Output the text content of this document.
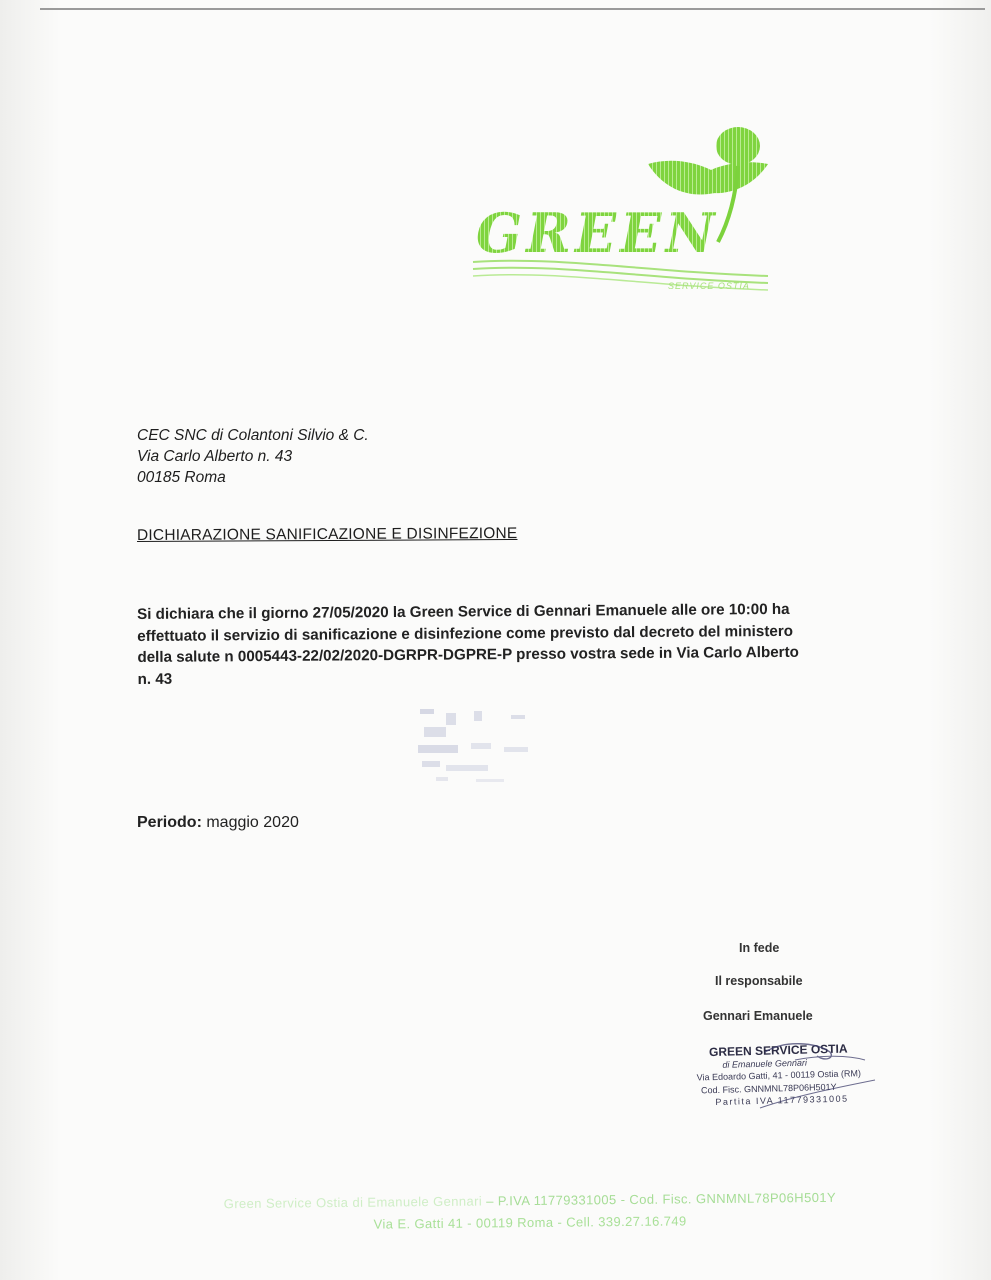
GREEN
SERVICE OSTIA
CEC SNC di Colantoni Silvio & C.
Via Carlo Alberto n. 43
00185 Roma
DICHIARAZIONE SANIFICAZIONE E DISINFEZIONE
Si dichiara che il giorno 27/05/2020 la Green Service di Gennari Emanuele alle ore 10:00 ha
effettuato il servizio di sanificazione e disinfezione come previsto dal decreto del ministero
della salute n 0005443-22/02/2020-DGRPR-DGPRE-P presso vostra sede in Via Carlo Alberto
n. 43
Periodo: maggio 2020
In fede
Il responsabile
Gennari Emanuele
GREEN SERVICE OSTIA
di Emanuele Gennari
Via Edoardo Gatti, 41 - 00119 Ostia (RM)
Cod. Fisc. GNNMNL78P06H501Y
Partita IVA 11779331005
Green Service Ostia di Emanuele Gennari – P.IVA 11779331005 - Cod. Fisc. GNNMNL78P06H501Y
Via E. Gatti 41 - 00119 Roma - Cell. 339.27.16.749
